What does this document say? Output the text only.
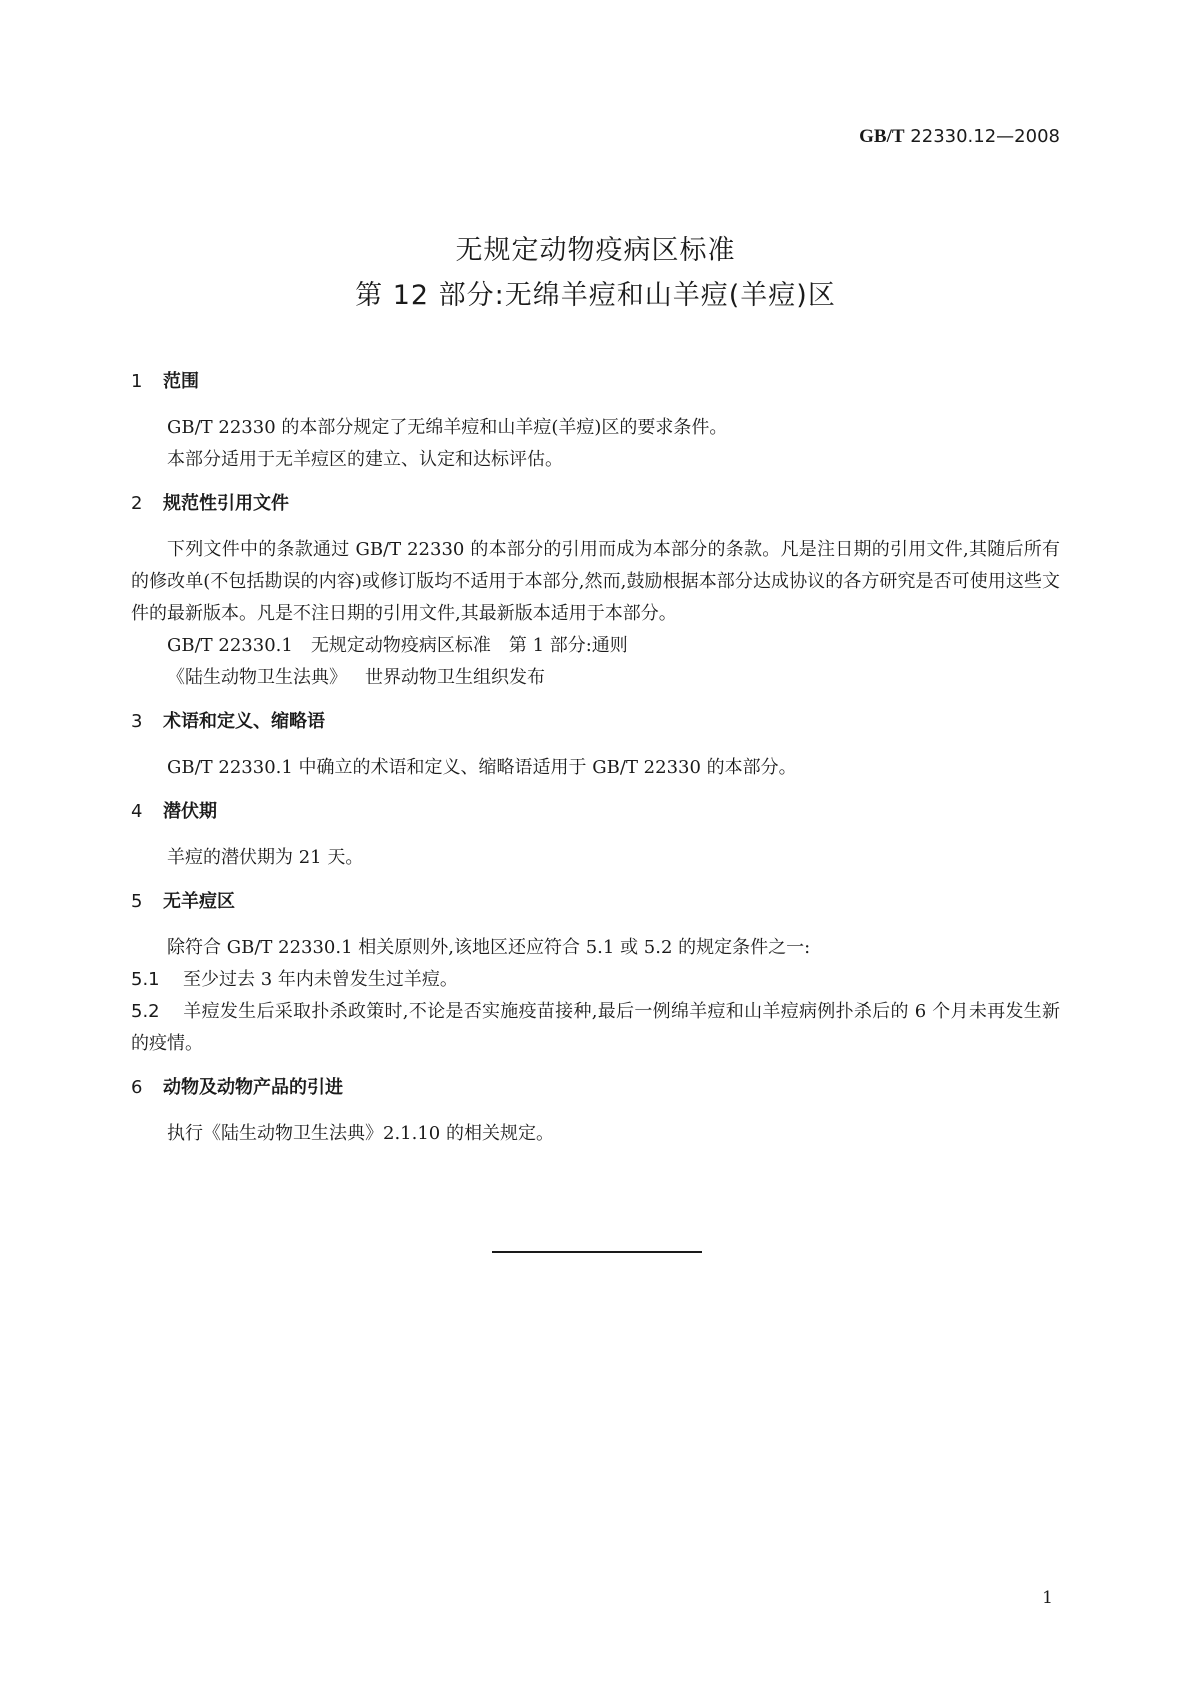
GB/T 22330.12—2008
无规定动物疫病区标准
第 12 部分:无绵羊痘和山羊痘(羊痘)区
1 范围

GB/T 22330 的本部分规定了无绵羊痘和山羊痘(羊痘)区的要求条件。

本部分适用于无羊痘区的建立、认定和达标评估。

2 规范性引用文件

下列文件中的条款通过 GB/T 22330 的本部分的引用而成为本部分的条款。凡是注日期的引用文件,其随后所有的修改单(不包括勘误的内容)或修订版均不适用于本部分,然而,鼓励根据本部分达成协议的各方研究是否可使用这些文件的最新版本。凡是不注日期的引用文件,其最新版本适用于本部分。

GB/T 22330.1 无规定动物疫病区标准　第 1 部分:通则

《陆生动物卫生法典》 世界动物卫生组织发布

3 术语和定义、缩略语

GB/T 22330.1 中确立的术语和定义、缩略语适用于 GB/T 22330 的本部分。

4 潜伏期

羊痘的潜伏期为 21 天。

5 无羊痘区

除符合 GB/T 22330.1 相关原则外,该地区还应符合 5.1 或 5.2 的规定条件之一:

5.1 至少过去 3 年内未曾发生过羊痘。

5.2 羊痘发生后采取扑杀政策时,不论是否实施疫苗接种,最后一例绵羊痘和山羊痘病例扑杀后的 6 个月未再发生新的疫情。

6 动物及动物产品的引进

执行《陆生动物卫生法典》2.1.10 的相关规定。

1
